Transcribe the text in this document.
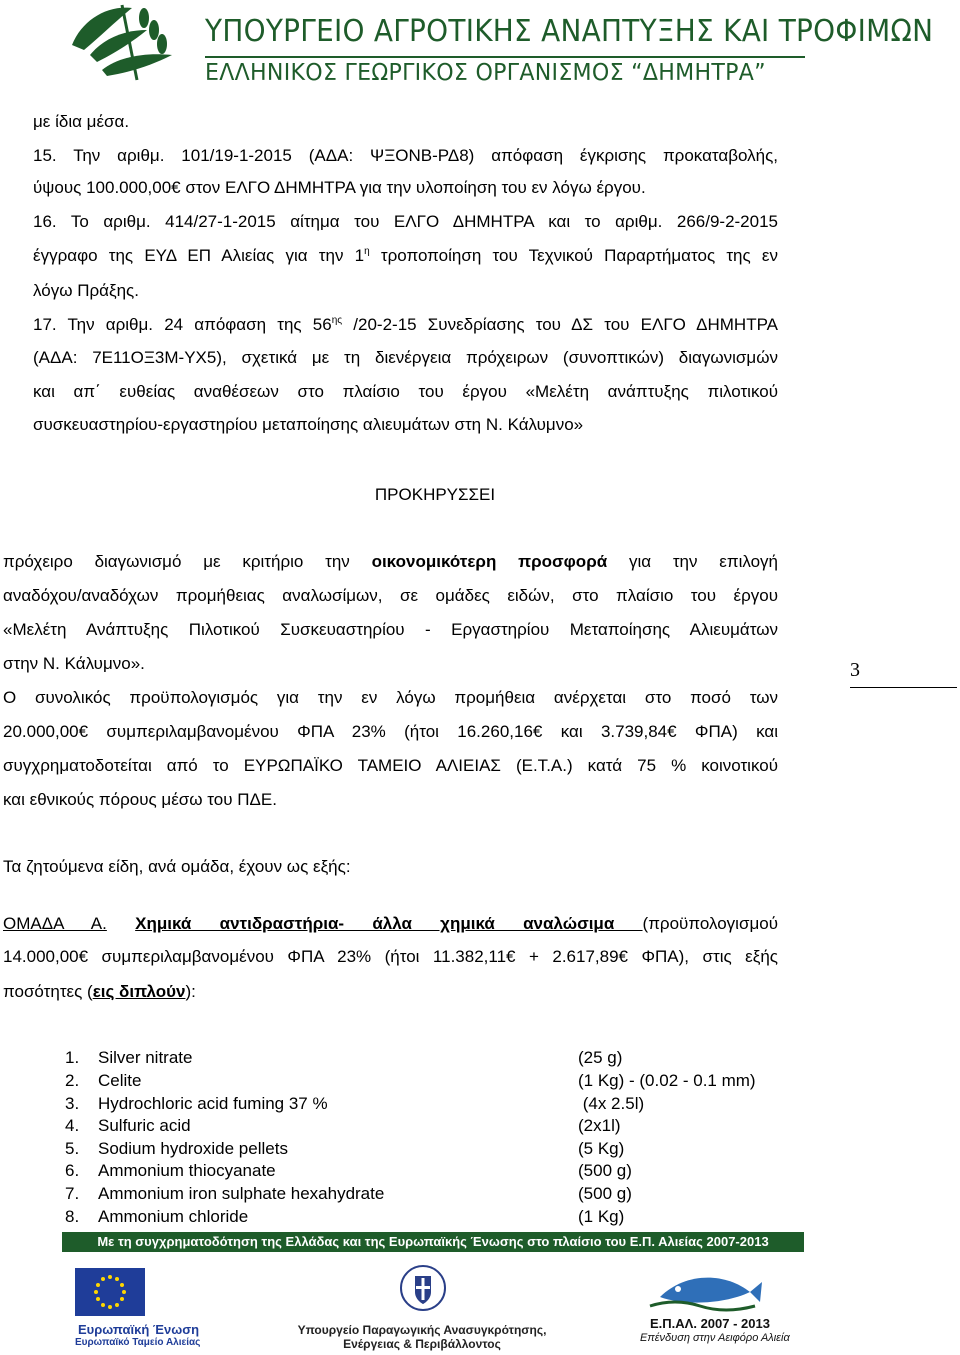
ΥΠΟΥΡΓΕΙΟ ΑΓΡΟΤΙΚΗΣ ΑΝΑΠΤΥΞΗΣ ΚΑΙ ΤΡΟΦΙΜΩΝ
ΕΛΛΗΝΙΚΟΣ ΓΕΩΡΓΙΚΟΣ ΟΡΓΑΝΙΣΜΟΣ “ΔΗΜΗΤΡΑ”
με ίδια μέσα.
15. Την αριθμ. 101/19-1-2015 (ΑΔΑ: ΨΞΟΝΒ-ΡΔ8) απόφαση έγκρισης προκαταβολής,
ύψους 100.000,00€ στον ΕΛΓΟ ΔΗΜΗΤΡΑ για την υλοποίηση του εν λόγω έργου.
16. Το αριθμ. 414/27-1-2015 αίτημα του ΕΛΓΟ ΔΗΜΗΤΡΑ και το αριθμ. 266/9-2-2015
έγγραφο της ΕΥΔ ΕΠ Αλιείας για την $1^\eta$ τροποποίηση του Τεχνικού Παραρτήματος της εν
λόγω Πράξης.
17. Την αριθμ. 24 απόφαση της $56^{\eta\varsigma}$ /20-2-15 Συνεδρίασης του ΔΣ του ΕΛΓΟ ΔΗΜΗΤΡΑ
(ΑΔΑ: 7Ε11ΟΞ3Μ-ΥΧ5), σχετικά με τη διενέργεια πρόχειρων (συνοπτικών) διαγωνισμών
και απ΄ ευθείας αναθέσεων στο πλαίσιο του έργου «Μελέτη ανάπτυξης πιλοτικού
συσκευαστηρίου-εργαστηρίου μεταποίησης αλιευμάτων στη Ν. Κάλυμνο»
ΠΡΟΚΗΡΥΣΣΕΙ
πρόχειρο διαγωνισμό με κριτήριο την οικονομικότερη προσφορά για την επιλογή
αναδόχου/αναδόχων προμήθειας αναλωσίμων, σε ομάδες ειδών, στο πλαίσιο του έργου
«Μελέτη Ανάπτυξης Πιλοτικού Συσκευαστηρίου - Εργαστηρίου Μεταποίησης Αλιευμάτων
στην Ν. Κάλυμνο».
Ο συνολικός προϋπολογισμός για την εν λόγω προμήθεια ανέρχεται στο ποσό των
20.000,00€ συμπεριλαμβανομένου ΦΠΑ 23% (ήτοι 16.260,16€ και 3.739,84€ ΦΠΑ) και
συγχρηματοδοτείται από το ΕΥΡΩΠΑΪΚΟ ΤΑΜΕΙΟ ΑΛΙΕΙΑΣ (Ε.Τ.Α.) κατά 75 % κοινοτικού
και εθνικούς πόρους μέσω του ΠΔΕ.
3
Τα ζητούμενα είδη, ανά ομάδα, έχουν ως εξής:
ΟΜΑΔΑ Α. Χημικά αντιδραστήρια- άλλα χημικά αναλώσιμα (προϋπολογισμού
14.000,00€ συμπεριλαμβανομένου ΦΠΑ 23% (ήτοι 11.382,11€ + 2.617,89€ ΦΠΑ), στις εξής
ποσότητες (εις διπλούν):
1. Silver nitrate	(25 g)
2. Celite	(1 Kg) - (0.02 - 0.1 mm)
3. Hydrochloric acid fuming 37 %	(4x 2.5l)
4. Sulfuric acid	(2x1l)
5. Sodium hydroxide pellets	(5 Kg)
6. Ammonium thiocyanate	(500 g)
7. Ammonium iron sulphate hexahydrate	(500 g)
8. Ammonium chloride	(1 Kg)
Με τη συγχρηματοδότηση της Ελλάδας και της Ευρωπαϊκής Ένωσης στο πλαίσιο του Ε.Π. Αλιείας 2007-2013
Ευρωπαϊκή Ένωση
Ευρωπαϊκό Ταμείο Αλιείας
Υπουργείο Παραγωγικής Ανασυγκρότησης,
Ενέργειας & Περιβάλλοντος
Ε.Π.ΑΛ. 2007 - 2013
Επένδυση στην Αειφόρο Αλιεία
